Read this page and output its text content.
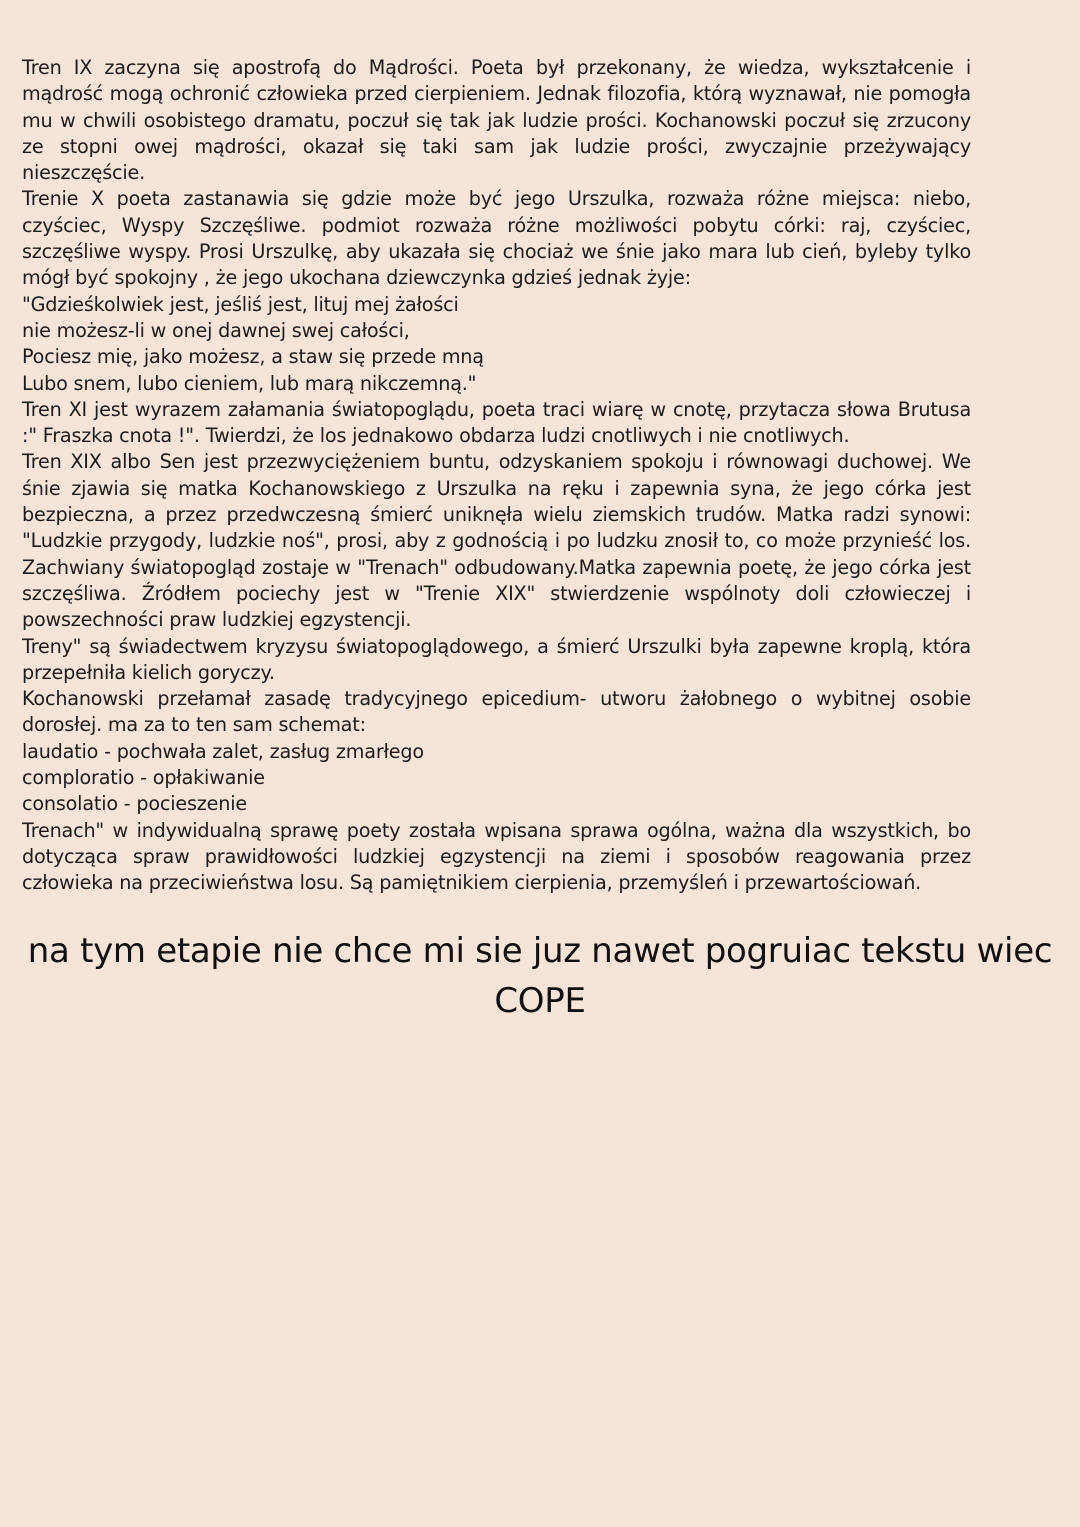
Tren IX zaczyna się apostrofą do Mądrości. Poeta był przekonany, że wiedza, wykształcenie i mądrość mogą ochronić człowieka przed cierpieniem. Jednak filozofia, którą wyznawał, nie pomogła mu w chwili osobistego dramatu, poczuł się tak jak ludzie prości. Kochanowski poczuł się zrzucony ze stopni owej mądrości, okazał się taki sam jak ludzie prości, zwyczajnie przeżywający nieszczęście.

Trenie X poeta zastanawia się gdzie może być jego Urszulka, rozważa różne miejsca: niebo, czyściec, Wyspy Szczęśliwe. podmiot rozważa różne możliwości pobytu córki: raj, czyściec, szczęśliwe wyspy. Prosi Urszulkę, aby ukazała się chociaż we śnie jako mara lub cień, byleby tylko mógł być spokojny , że jego ukochana dziewczynka gdzieś jednak żyje:

"Gdzieśkolwiek jest, jeśliś jest, lituj mej żałości

nie możesz-li w onej dawnej swej całości,

Pociesz mię, jako możesz, a staw się przede mną

Lubo snem, lubo cieniem, lub marą nikczemną."

Tren XI jest wyrazem załamania światopoglądu, poeta traci wiarę w cnotę, przytacza słowa Brutusa :" Fraszka cnota !". Twierdzi, że los jednakowo obdarza ludzi cnotliwych i nie cnotliwych.

Tren XIX albo Sen jest przezwyciężeniem buntu, odzyskaniem spokoju i równowagi duchowej. We śnie zjawia się matka Kochanowskiego z Urszulka na ręku i zapewnia syna, że jego córka jest bezpieczna, a przez przedwczesną śmierć uniknęła wielu ziemskich trudów. Matka radzi synowi: "Ludzkie przygody, ludzkie noś", prosi, aby z godnością i po ludzku znosił to, co może przynieść los. Zachwiany światopogląd zostaje w "Trenach" odbudowany.Matka zapewnia poetę, że jego córka jest szczęśliwa. Źródłem pociechy jest w "Trenie XIX" stwierdzenie wspólnoty doli człowieczej i powszechności praw ludzkiej egzystencji.

Treny" są świadectwem kryzysu światopoglądowego, a śmierć Urszulki była zapewne kroplą, która przepełniła kielich goryczy.

Kochanowski przełamał zasadę tradycyjnego epicedium- utworu żałobnego o wybitnej osobie dorosłej. ma za to ten sam schemat:

laudatio - pochwała zalet, zasług zmarłego

comploratio - opłakiwanie

consolatio - pocieszenie

Trenach" w indywidualną sprawę poety została wpisana sprawa ogólna, ważna dla wszystkich, bo dotycząca spraw prawidłowości ludzkiej egzystencji na ziemi i sposobów reagowania przez człowieka na przeciwieństwa losu. Są pamiętnikiem cierpienia, przemyśleń i przewartościowań.

na tym etapie nie chce mi sie juz nawet pogruiac tekstu wiec COPE
